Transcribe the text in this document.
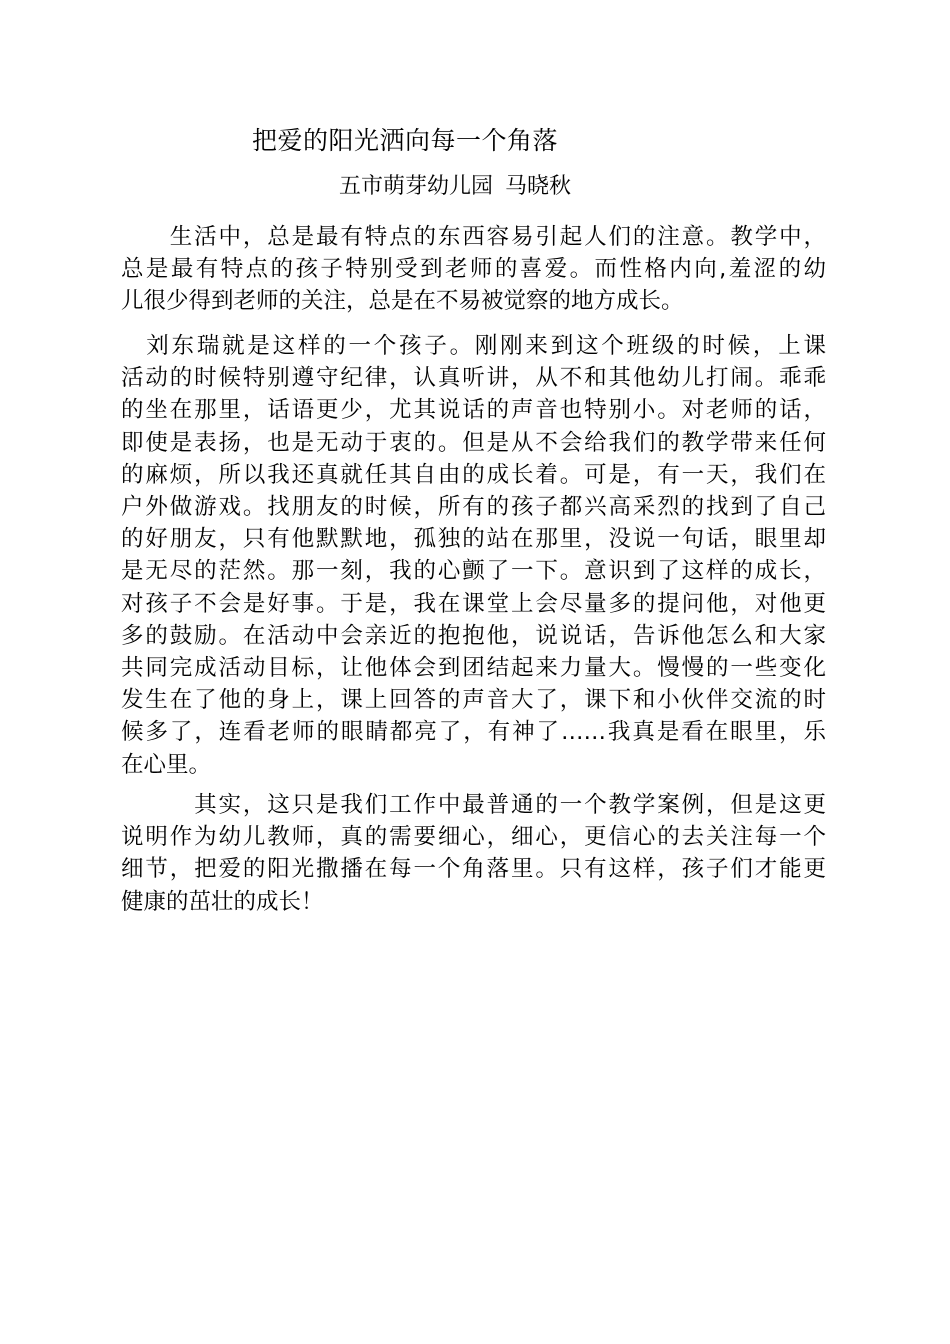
把爱的阳光洒向每一个角落
五市萌芽幼儿园 马晓秋
　　生活中，总是最有特点的东西容易引起人们的注意。教学中，
总是最有特点的孩子特别受到老师的喜爱。而性格内向,羞涩的幼
儿很少得到老师的关注，总是在不易被觉察的地方成长。
　刘东瑞就是这样的一个孩子。刚刚来到这个班级的时候，上课
活动的时候特别遵守纪律，认真听讲，从不和其他幼儿打闹。乖乖
的坐在那里，话语更少，尤其说话的声音也特别小。对老师的话，
即使是表扬，也是无动于衷的。但是从不会给我们的教学带来任何
的麻烦，所以我还真就任其自由的成长着。可是，有一天，我们在
户外做游戏。找朋友的时候，所有的孩子都兴高采烈的找到了自己
的好朋友，只有他默默地，孤独的站在那里，没说一句话，眼里却
是无尽的茫然。那一刻，我的心颤了一下。意识到了这样的成长，
对孩子不会是好事。于是，我在课堂上会尽量多的提问他，对他更
多的鼓励。在活动中会亲近的抱抱他，说说话，告诉他怎么和大家
共同完成活动目标，让他体会到团结起来力量大。慢慢的一些变化
发生在了他的身上，课上回答的声音大了，课下和小伙伴交流的时
候多了，连看老师的眼睛都亮了，有神了……我真是看在眼里，乐
在心里。
　　　其实，这只是我们工作中最普通的一个教学案例，但是这更
说明作为幼儿教师，真的需要细心，细心，更信心的去关注每一个
细节，把爱的阳光撒播在每一个角落里。只有这样，孩子们才能更
健康的茁壮的成长！
